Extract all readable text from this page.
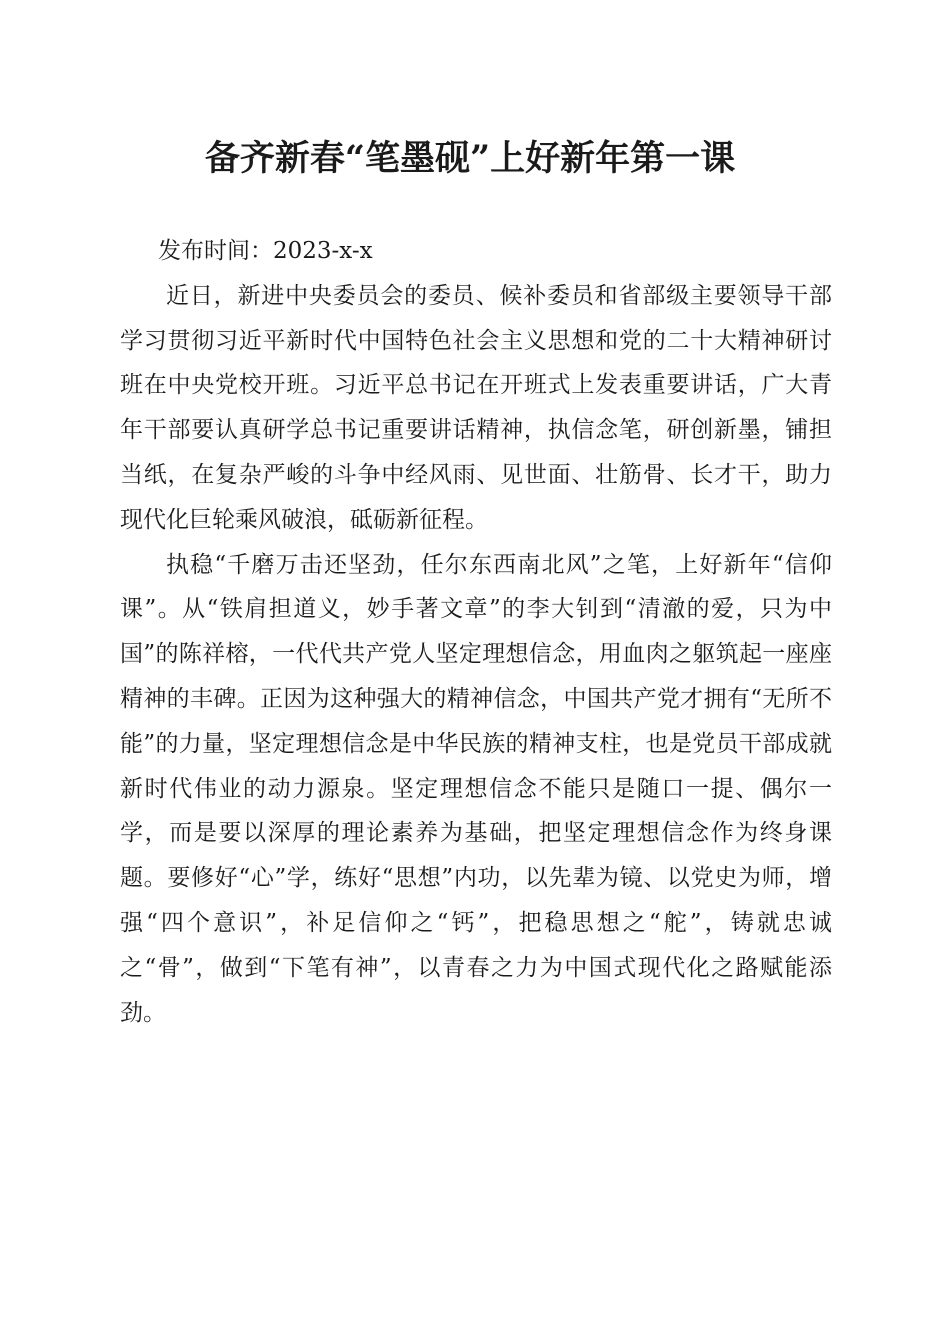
备齐新春“笔墨砚”上好新年第一课
发布时间：2023-x-x

近日，新进中央委员会的委员、候补委员和省部级主要领导干部学习贯彻习近平新时代中国特色社会主义思想和党的二十大精神研讨班在中央党校开班。习近平总书记在开班式上发表重要讲话，广大青年干部要认真研学总书记重要讲话精神，执信念笔，研创新墨，铺担当纸，在复杂严峻的斗争中经风雨、见世面、壮筋骨、长才干，助力现代化巨轮乘风破浪，砥砺新征程。

执稳“千磨万击还坚劲，任尔东西南北风”之笔，上好新年“信仰课”。从“铁肩担道义，妙手著文章”的李大钊到“清澈的爱，只为中国”的陈祥榕，一代代共产党人坚定理想信念，用血肉之躯筑起一座座精神的丰碑。正因为这种强大的精神信念，中国共产党才拥有“无所不能”的力量，坚定理想信念是中华民族的精神支柱，也是党员干部成就新时代伟业的动力源泉。坚定理想信念不能只是随口一提、偶尔一学，而是要以深厚的理论素养为基础，把坚定理想信念作为终身课题。要修好“心”学，练好“思想”内功，以先辈为镜、以党史为师，增强“四个意识”，补足信仰之“钙”，把稳思想之“舵”，铸就忠诚之“骨”，做到“下笔有神”，以青春之力为中国式现代化之路赋能添劲。
